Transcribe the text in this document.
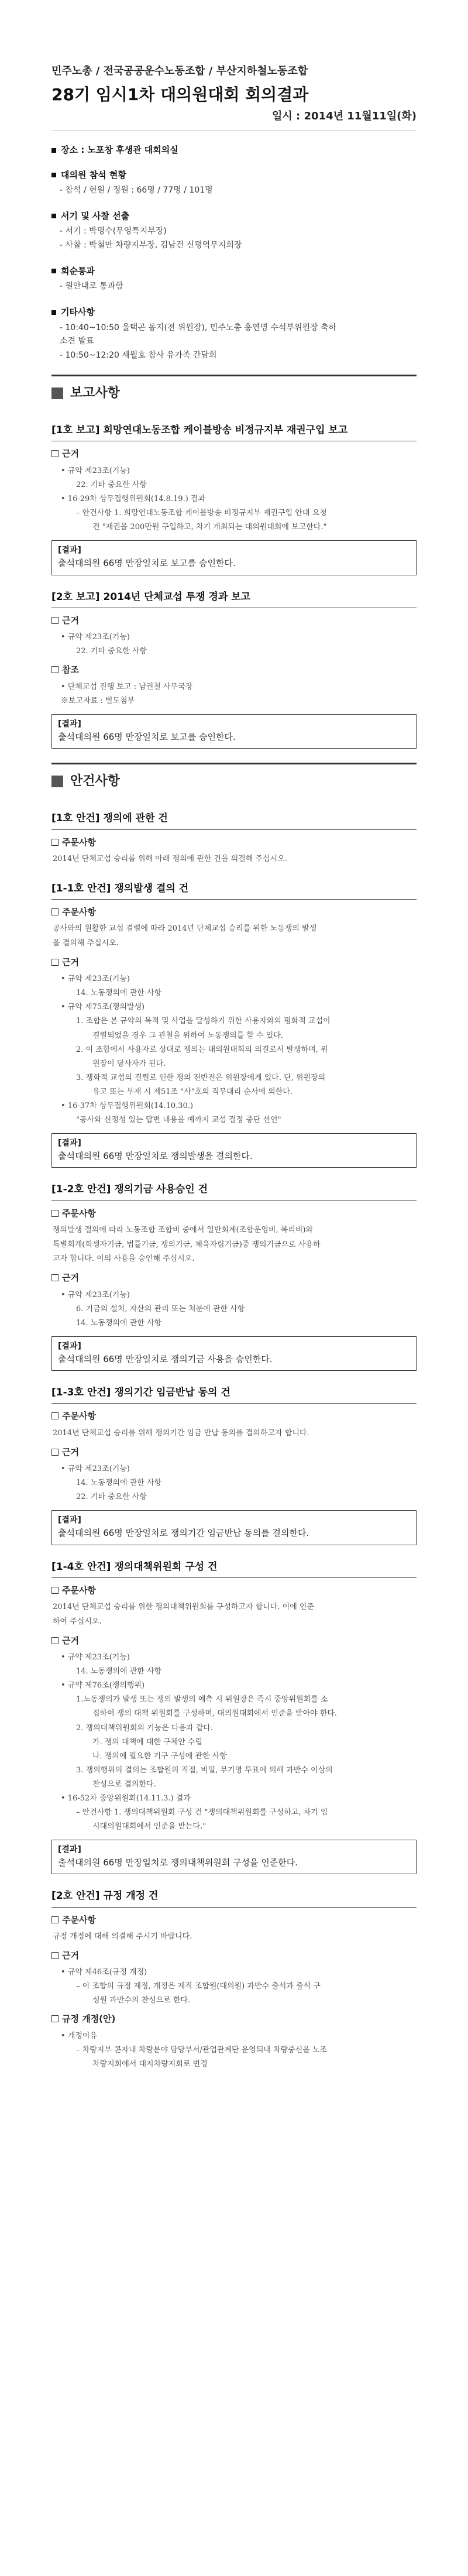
민주노총 / 전국공공운수노동조합 / 부산지하철노동조합
28기 임시1차 대의원대회 회의결과
일시 : 2014년 11월11일(화)
장소 : 노포창 후생관 대회의실
대의원 참석 현황
- 참석 / 현원 / 정원 : 66명 / 77명 / 101명
서기 및 사찰 선출
- 서기 : 박명수(무영특지부장)
- 사찰 : 박철만 차량지부장, 김남건 신평역무지회장
회순통과
- 원안대로 통과함
기타사항
- 10:40~10:50 울택곤 동지(전 위원장), 민주노총 홍연명 수석부위원장 축하
소견 발표
- 10:50~12:20 세월호 참사 유가족 간담회
보고사항
[1호 보고] 희망연대노동조합 케이블방송 비정규지부 재권구입 보고
근거
• 규약 제23조(기능)
22. 기타 중요한 사항
• 16-29차 상무집행위원회(14.8.19.) 결과
– 안건사항 1. 희망연대노동조합 케이블방송 비정규지부 재권구입 안대 요청
건 "재권을 200만원 구입하고, 차기 개최되는 대의원대회에 보고한다."
[결과]
출석대의원 66명 만장일치로 보고를 승인한다.
[2호 보고] 2014년 단체교섭 투쟁 경과 보고
근거
• 규약 제23조(기능)
22. 기타 중요한 사항
참조
• 단체교섭 진행 보고 : 남권철 사무국장
※보고자료 : 별도첨부
[결과]
출석대의원 66명 만장일치로 보고를 승인한다.
안건사항
[1호 안건] 쟁의에 관한 건
주문사항
2014년 단체교섭 승리를 위해 아래 쟁의에 관한 건을 의결해 주십시오.
[1-1호 안건] 쟁의발생 결의 건
주문사항
공사와의 원활한 교섭 결렬에 따라 2014년 단체교섭 승리를 위한 노동쟁의 발생
을 결의해 주십시오.
근거
• 규약 제23조(기능)
14. 노동쟁의에 관한 사항
• 규약 제75조(쟁의발생)
1. 조합은 본 규약의 목적 및 사업을 달성하기 위한 사용자와의 평화적 교섭이
결렬되었을 경우 그 관철을 위하여 노동쟁의를 할 수 있다.
2. 이 조합에서 사용자로 상대로 쟁의는 대의원대회의 의결로서 발생하며, 위
원장이 당사자가 된다.
3. 쟁화적 교섭의 결렬로 인한 쟁의 전반전은 위원장에게 있다. 단, 위원장의
유고 또는 부재 시 제51조 "사"호의 직무대리 순서에 의한다.
• 16-37차 상무집행위원회(14.10.30.)
"공사와 신정성 있는 답변 내용을 예까지 교섭 결정 중단 선언"
[결과]
출석대의원 66명 만장일치로 쟁의발생을 결의한다.
[1-2호 안건] 쟁의기금 사용승인 건
주문사항
쟁의발생 결의에 따라 노동조합 조합비 중에서 일반회계(조합운영비, 복리비)와
특별회계(희생자기금, 법률기금, 쟁의기금, 체육자립기금)중 쟁의기금으로 사용하
고자 합니다. 이의 사용을 승인해 주십시오.
근거
• 규약 제23조(기능)
6. 기금의 설치, 자산의 관리 또는 처분에 관한 사항
14. 노동쟁의에 관한 사항
[결과]
출석대의원 66명 만장일치로 쟁의기금 사용을 승인한다.
[1-3호 안건] 쟁의기간 임금반납 동의 건
주문사항
2014년 단체교섭 승리를 위해 쟁의기간 임금 반납 동의를 결의하고자 합니다.
근거
• 규약 제23조(기능)
14. 노동쟁의에 관한 사항
22. 기타 중요한 사항
[결과]
출석대의원 66명 만장일치로 쟁의기간 임금반납 동의를 결의한다.
[1-4호 안건] 쟁의대책위원회 구성 건
주문사항
2014년 단체교섭 승리를 위한 쟁의대책위원회를 구성하고자 합니다. 이에 인준
하여 주십시오.
근거
• 규약 제23조(기능)
14. 노동쟁의에 관한 사항
• 규약 제76조(쟁의행위)
1.노동쟁의가 발생 또는 쟁의 발생의 예측 시 위원장은 즉시 중앙위원회를 소
집하여 쟁의 대책 위원회를 구성하며, 대의원대회에서 인준을 받아야 한다.
2. 쟁의대책위원회의 기능은 다음과 같다.
가. 쟁의 대책에 대한 구체안 수립
나. 쟁의에 필요한 기구 구성에 관한 사항
3. 쟁의행위의 결의는 조합원의 직접, 비밀, 무기명 투표에 의해 과반수 이상의
찬성으로 결의한다.
• 16-52차 중앙위원회(14.11.3.) 결과
– 안건사항 1. 쟁의대책위원회 구성 건 "쟁의대책위원회를 구성하고, 차기 임
시대의원대회에서 인준을 받는다."
[결과]
출석대의원 66명 만장일치로 쟁의대책위원회 구성을 인준한다.
[2호 안건] 규정 개정 건
주문사항
규정 개정에 대해 의결해 주시기 바랍니다.
근거
• 규약 제46조(규정 개정)
– 이 조합의 규정 제정, 개정은 재적 조합원(대의원) 과반수 출석과 출석 구
성원 과반수의 찬성으로 한다.
규정 개정(안)
• 개정이유
– 차량지부 콘자내 차량분야 담당부서/관업관계단 운영되내 차량중신을 노조
차량지회에서 대지차량지회로 변경
